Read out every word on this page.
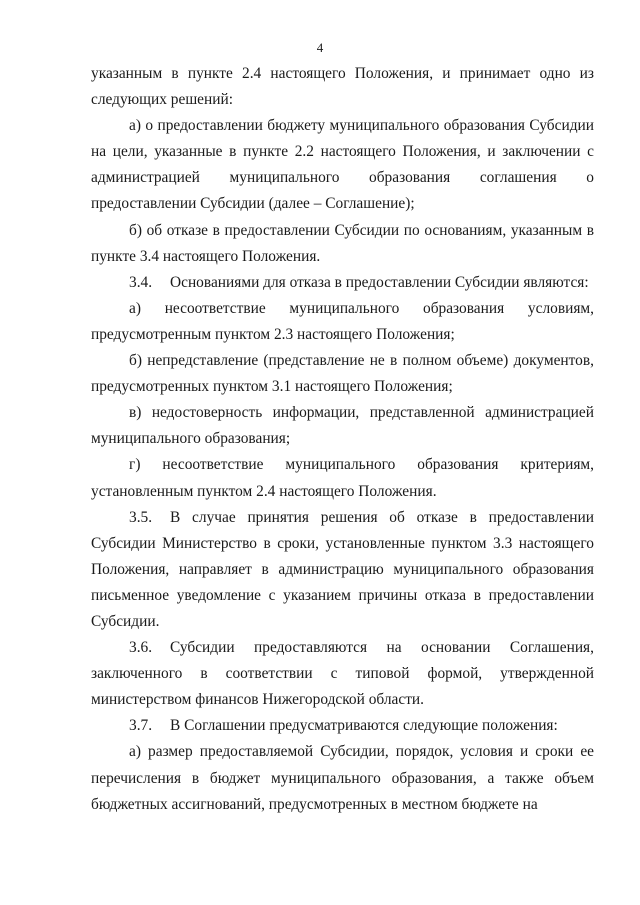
4

указанным в пункте 2.4 настоящего Положения, и принимает одно из следующих решений:

а) о предоставлении бюджету муниципального образования Субсидии на цели, указанные в пункте 2.2 настоящего Положения, и заключении с администрацией муниципального образования соглашения о предоставлении Субсидии (далее – Соглашение);

б) об отказе в предоставлении Субсидии по основаниям, указанным в пункте 3.4 настоящего Положения.

3.4. Основаниями для отказа в предоставлении Субсидии являются:

а) несоответствие муниципального образования условиям, предусмотренным пунктом 2.3 настоящего Положения;

б) непредставление (представление не в полном объеме) документов, предусмотренных пунктом 3.1 настоящего Положения;

в) недостоверность информации, представленной администрацией муниципального образования;

г) несоответствие муниципального образования критериям, установленным пунктом 2.4 настоящего Положения.

3.5. В случае принятия решения об отказе в предоставлении Субсидии Министерство в сроки, установленные пунктом 3.3 настоящего Положения, направляет в администрацию муниципального образования письменное уведомление с указанием причины отказа в предоставлении Субсидии.

3.6. Субсидии предоставляются на основании Соглашения, заключенного в соответствии с типовой формой, утвержденной министерством финансов Нижегородской области.

3.7. В Соглашении предусматриваются следующие положения:

а) размер предоставляемой Субсидии, порядок, условия и сроки ее перечисления в бюджет муниципального образования, а также объем бюджетных ассигнований, предусмотренных в местном бюджете на
